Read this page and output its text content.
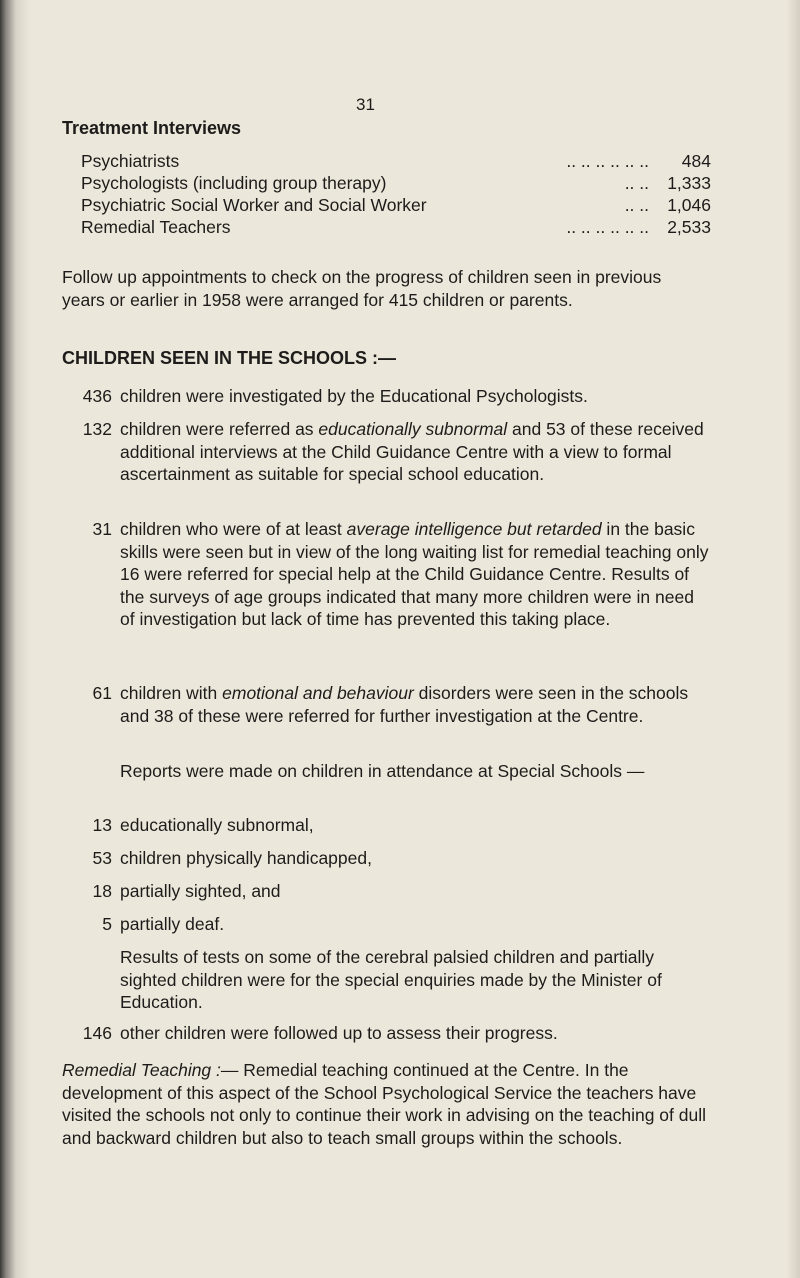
31
Treatment Interviews
Psychiatrists	.. .. .. .. .. ..	484
Psychologists (including group therapy)	.. ..	1,333
Psychiatric Social Worker and Social Worker	.. ..	1,046
Remedial Teachers	.. .. .. .. .. ..	2,533
Follow up appointments to check on the progress of children seen in previous years or earlier in 1958 were arranged for 415 children or parents.
CHILDREN SEEN IN THE SCHOOLS :—
436 children were investigated by the Educational Psychologists.
132 children were referred as educationally subnormal and 53 of these received additional interviews at the Child Guidance Centre with a view to formal ascertainment as suitable for special school education.
31 children who were of at least average intelligence but retarded in the basic skills were seen but in view of the long waiting list for remedial teaching only 16 were referred for special help at the Child Guidance Centre. Results of the surveys of age groups indicated that many more children were in need of investigation but lack of time has prevented this taking place.
61 children with emotional and behaviour disorders were seen in the schools and 38 of these were referred for further investigation at the Centre.
Reports were made on children in attendance at Special Schools —
13 educationally subnormal,
53 children physically handicapped,
18 partially sighted, and
5 partially deaf.
Results of tests on some of the cerebral palsied children and partially sighted children were for the special enquiries made by the Minister of Education.
146 other children were followed up to assess their progress.
Remedial Teaching :— Remedial teaching continued at the Centre. In the development of this aspect of the School Psychological Service the teachers have visited the schools not only to continue their work in advising on the teaching of dull and backward children but also to teach small groups within the schools.
